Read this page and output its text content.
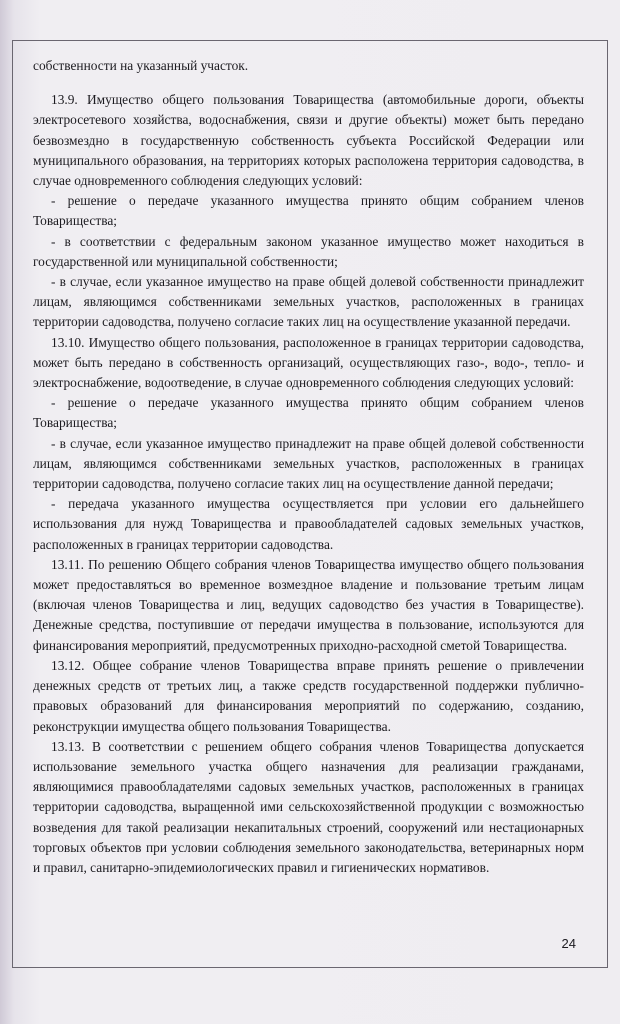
собственности на указанный участок.

13.9. Имущество общего пользования Товарищества (автомобильные дороги, объекты электросетевого хозяйства, водоснабжения, связи и другие объекты) может быть передано безвозмездно в государственную собственность субъекта Российской Федерации или муниципального образования, на территориях которых расположена территория садоводства, в случае одновременного соблюдения следующих условий:

- решение о передаче указанного имущества принято общим собранием членов Товарищества;

- в соответствии с федеральным законом указанное имущество может находиться в государственной или муниципальной собственности;

- в случае, если указанное имущество на праве общей долевой собственности принадлежит лицам, являющимся собственниками земельных участков, расположенных в границах территории садоводства, получено согласие таких лиц на осуществление указанной передачи.

13.10. Имущество общего пользования, расположенное в границах территории садоводства, может быть передано в собственность организаций, осуществляющих газо-, водо-, тепло- и электроснабжение, водоотведение, в случае одновременного соблюдения следующих условий:

- решение о передаче указанного имущества принято общим собранием членов Товарищества;

- в случае, если указанное имущество принадлежит на праве общей долевой собственности лицам, являющимся собственниками земельных участков, расположенных в границах территории садоводства, получено согласие таких лиц на осуществление данной передачи;

- передача указанного имущества осуществляется при условии его дальнейшего использования для нужд Товарищества и правообладателей садовых земельных участков, расположенных в границах территории садоводства.

13.11. По решению Общего собрания членов Товарищества имущество общего пользования может предоставляться во временное возмездное владение и пользование третьим лицам (включая членов Товарищества и лиц, ведущих садоводство без участия в Товариществе). Денежные средства, поступившие от передачи имущества в пользование, используются для финансирования мероприятий, предусмотренных приходно-расходной сметой Товарищества.

13.12. Общее собрание членов Товарищества вправе принять решение о привлечении денежных средств от третьих лиц, а также средств государственной поддержки публично-правовых образований для финансирования мероприятий по содержанию, созданию, реконструкции имущества общего пользования Товарищества.

13.13. В соответствии с решением общего собрания членов Товарищества допускается использование земельного участка общего назначения для реализации гражданами, являющимися правообладателями садовых земельных участков, расположенных в границах территории садоводства, выращенной ими сельскохозяйственной продукции с возможностью возведения для такой реализации некапитальных строений, сооружений или нестационарных торговых объектов при условии соблюдения земельного законодательства, ветеринарных норм и правил, санитарно-эпидемиологических правил и гигиенических нормативов.

24
